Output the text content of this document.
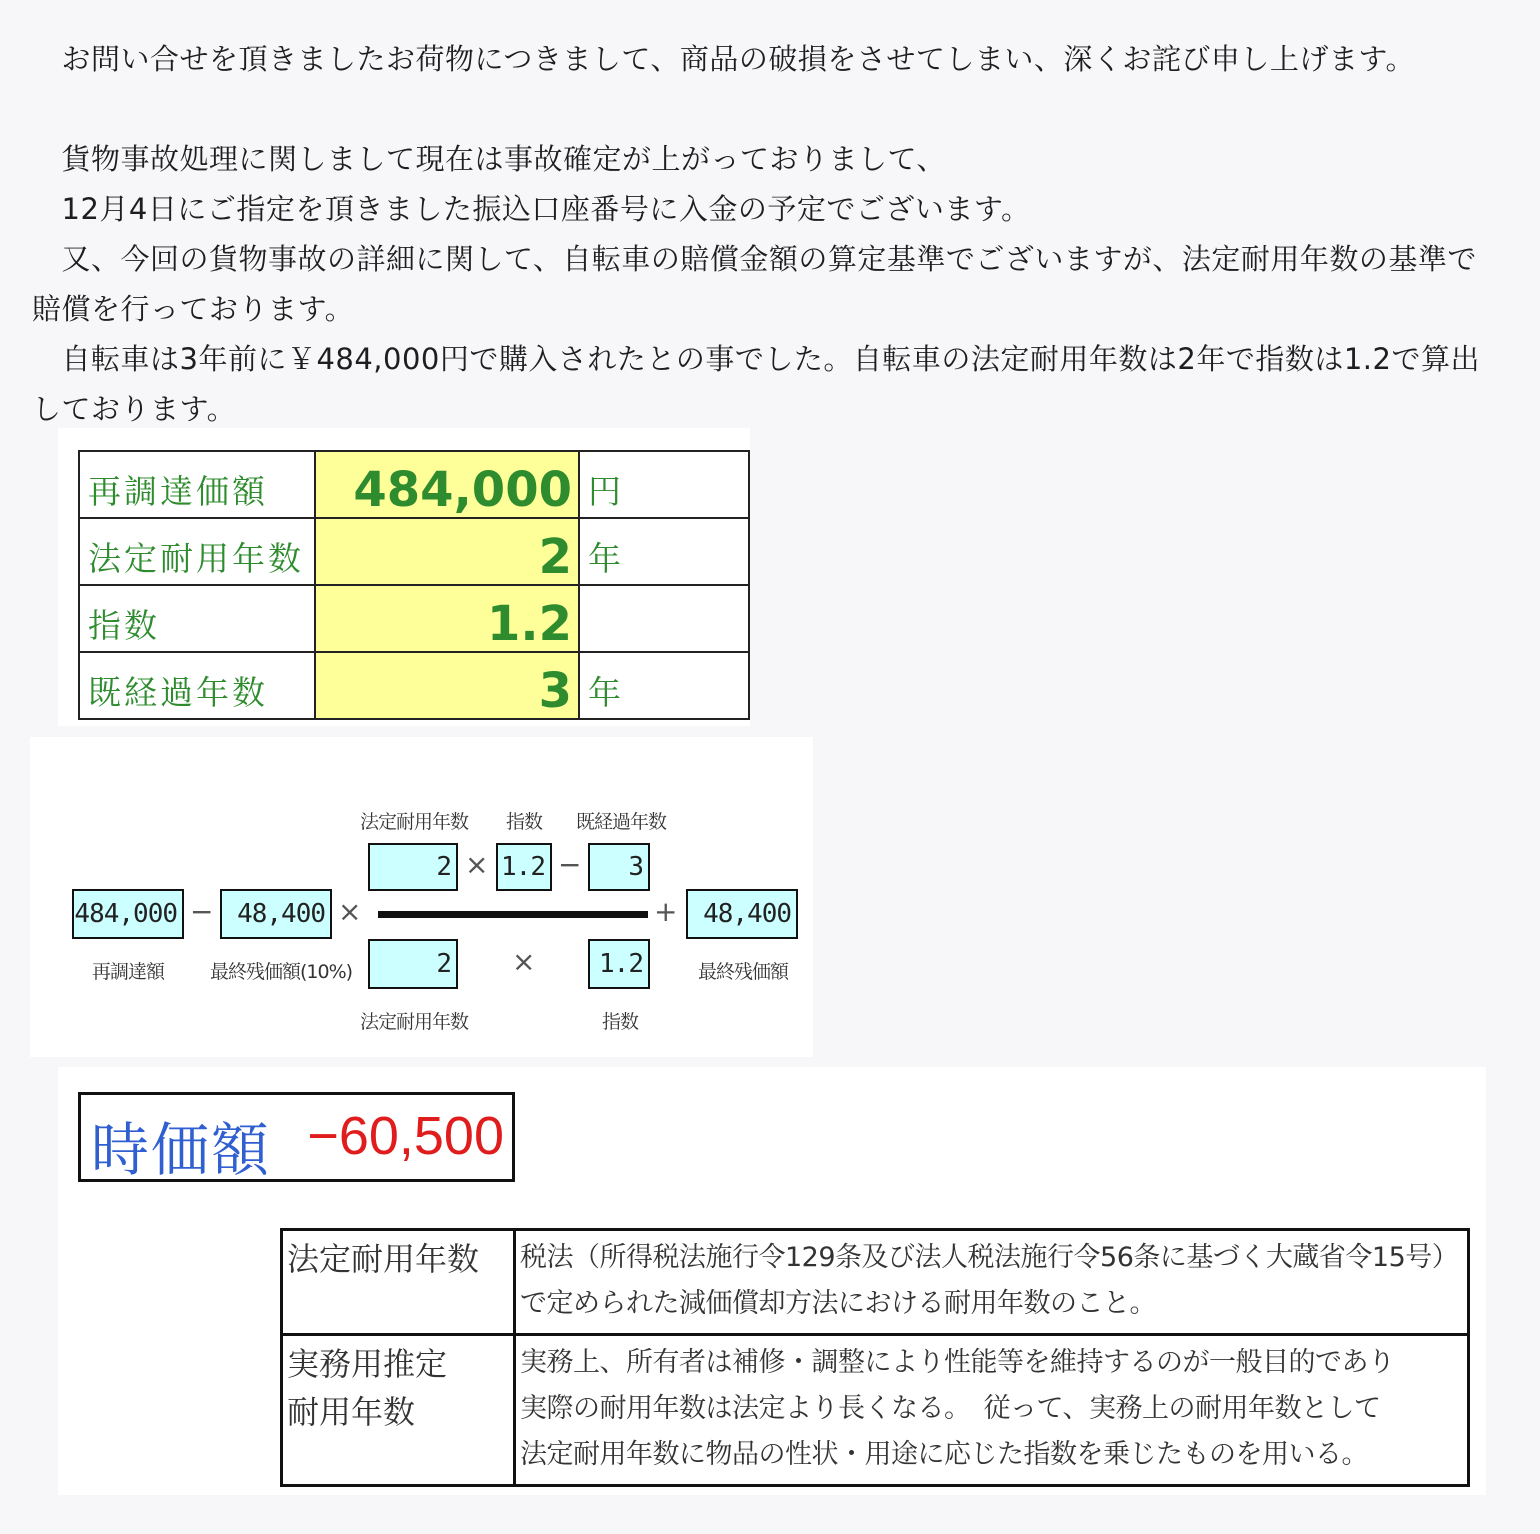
　お問い合せを頂きましたお荷物につきまして、商品の破損をさせてしまい、深くお詫び申し上げます。
　貨物事故処理に関しまして現在は事故確定が上がっておりまして、
　12月4日にご指定を頂きました振込口座番号に入金の予定でございます。
　又、今回の貨物事故の詳細に関して、自転車の賠償金額の算定基準でございますが、法定耐用年数の基準で賠償を行っております。
　自転車は3年前に￥484,000円で購入されたとの事でした。自転車の法定耐用年数は2年で指数は1.2で算出しております。
再調達価額	484,000	円
法定耐用年数	2	年
指数	1.2	
既経過年数	3	年
法定耐用年数 指数 既経過年数
2 × 1.2 −	3
484,000 − 48,400 ×	+ 48,400
2 ×	1.2
再調達額 最終残価額(10%)	最終残価額
法定耐用年数	指数
時価額 −60,500
法定耐用年数	税法（所得税法施行令129条及び法人税法施行令56条に基づく大蔵省令15号）
で定められた減価償却方法における耐用年数のこと。
実務用推定
耐用年数	実務上、所有者は補修・調整により性能等を維持するのが一般目的であり
実際の耐用年数は法定より長くなる。　従って、実務上の耐用年数として
法定耐用年数に物品の性状・用途に応じた指数を乗じたものを用いる。
